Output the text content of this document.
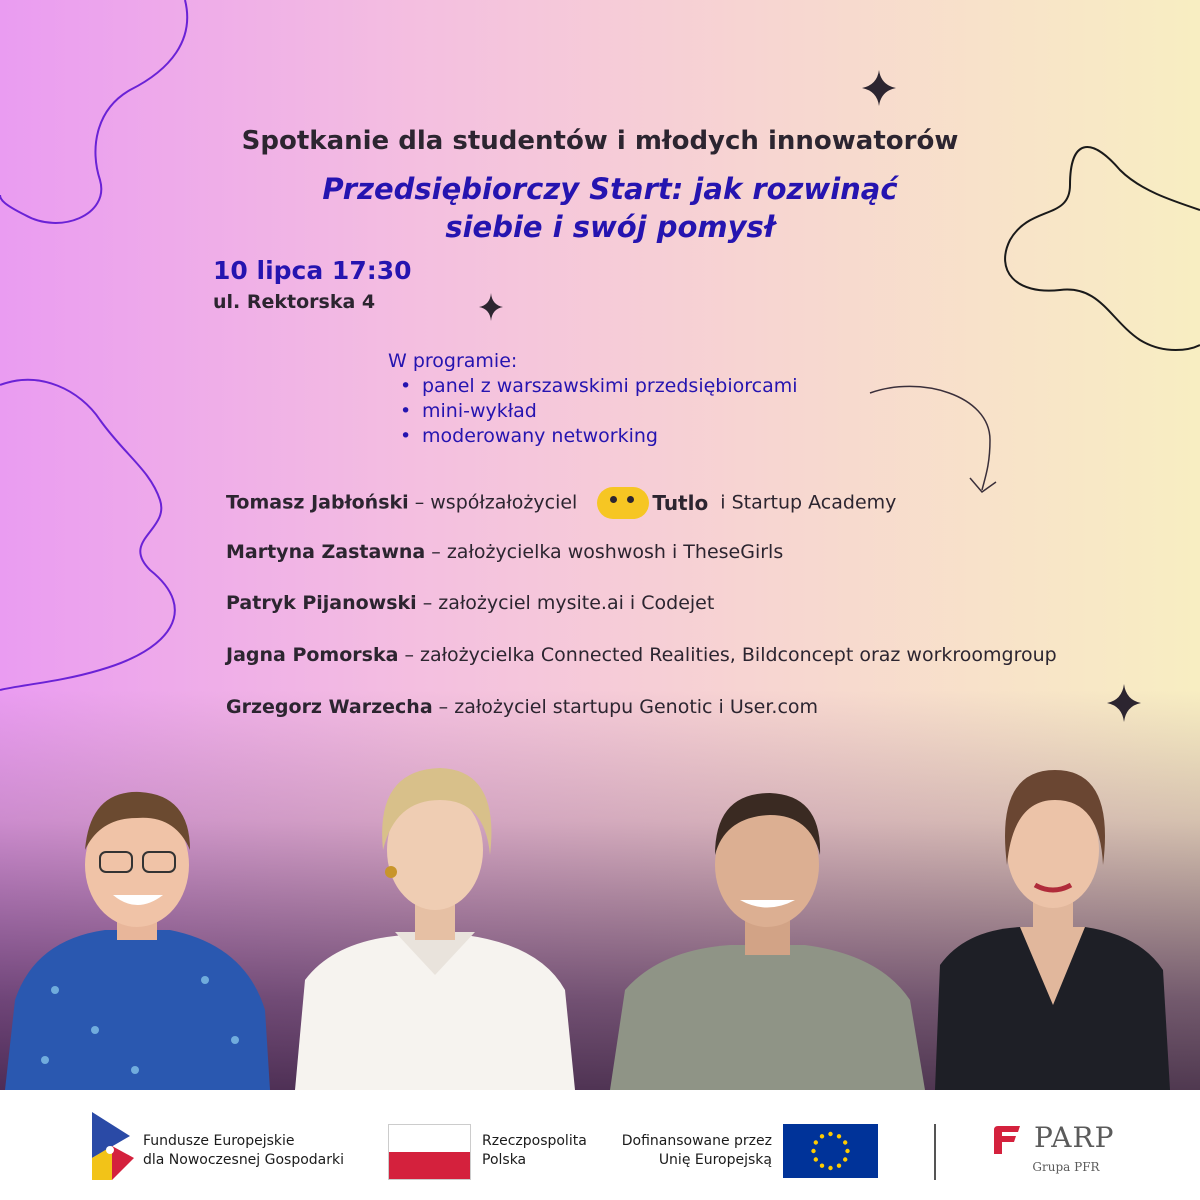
Spotkanie dla studentów i młodych innowatorów
Przedsiębiorczy Start: jak rozwinąć
siebie i swój pomysł
10 lipca 17:30
ul. Rektorska 4
W programie:
• panel z warszawskimi przedsiębiorcami
• mini-wykład
• moderowany networking
Tomasz Jabłoński – współzałożyciel	Tutlo i Startup Academy
Martyna Zastawna – założycielka woshwosh i TheseGirls
Patryk Pijanowski – założyciel mysite.ai i Codejet
Jagna Pomorska – założycielka Connected Realities, Bildconcept oraz workroomgroup
Grzegorz Warzecha – założyciel startupu Genotic i User.com
Fundusze Europejskie
dla Nowoczesnej Gospodarki
Rzeczpospolita
Polska
Dofinansowane przez
Unię Europejską
PARP
Grupa PFR
